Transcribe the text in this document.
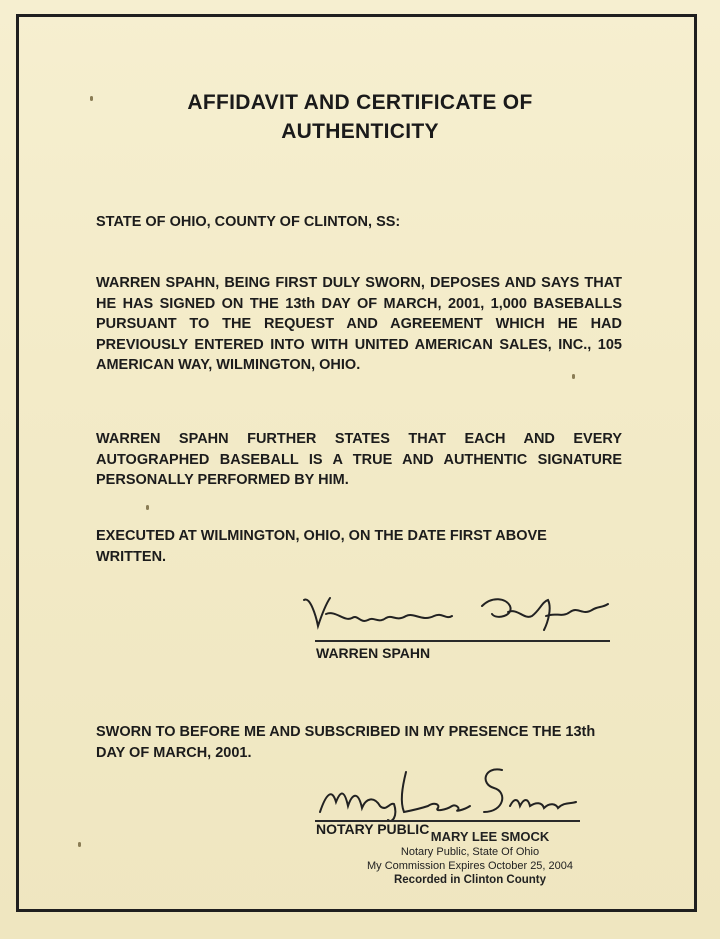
AFFIDAVIT AND CERTIFICATE OF
AUTHENTICITY
STATE OF OHIO, COUNTY OF CLINTON, SS:
WARREN SPAHN, BEING FIRST DULY SWORN, DEPOSES AND SAYS THAT HE HAS SIGNED ON THE 13th DAY OF MARCH, 2001, 1,000 BASEBALLS PURSUANT TO THE REQUEST AND AGREEMENT WHICH HE HAD PREVIOUSLY ENTERED INTO WITH UNITED AMERICAN SALES, INC., 105 AMERICAN WAY, WILMINGTON, OHIO.
WARREN SPAHN FURTHER STATES THAT EACH AND EVERY AUTOGRAPHED BASEBALL IS A TRUE AND AUTHENTIC SIGNATURE PERSONALLY PERFORMED BY HIM.
EXECUTED AT WILMINGTON, OHIO, ON THE DATE FIRST ABOVE WRITTEN.
WARREN SPAHN
SWORN TO BEFORE ME AND SUBSCRIBED IN MY PRESENCE THE 13th DAY OF MARCH, 2001.
NOTARY PUBLIC MARY LEE SMOCK
Notary Public, State Of Ohio
My Commission Expires October 25, 2004
Recorded in Clinton County
